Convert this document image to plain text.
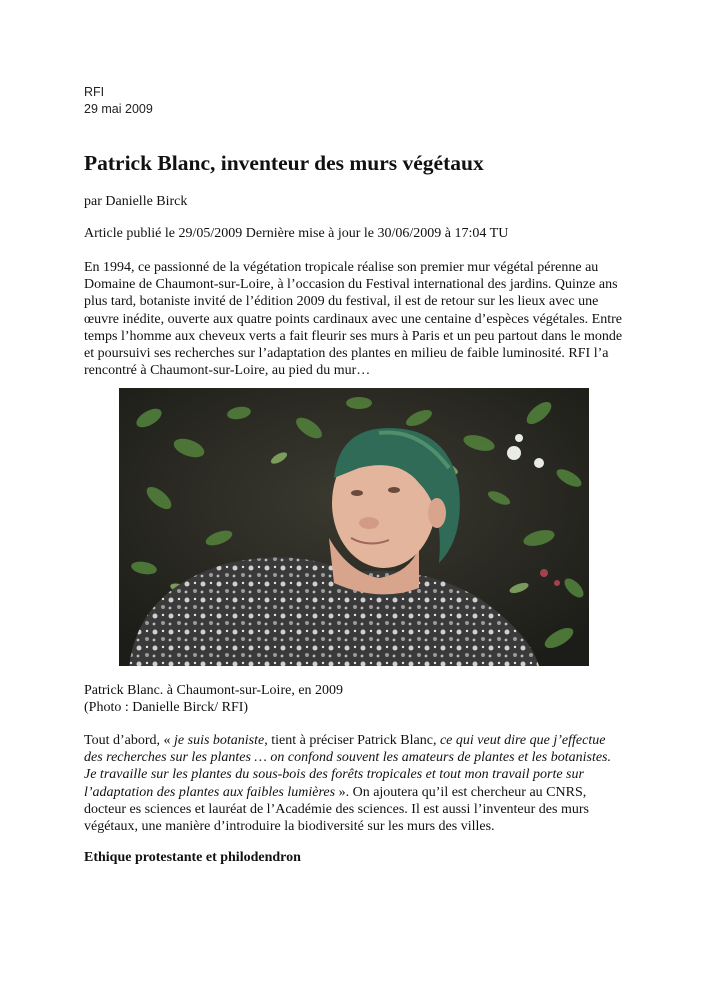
RFI
29 mai 2009
Patrick Blanc, inventeur des murs végétaux
par Danielle Birck
Article publié le 29/05/2009 Dernière mise à jour le 30/06/2009 à 17:04 TU

En 1994, ce passionné de la végétation tropicale réalise son premier mur végétal pérenne au Domaine de Chaumont-sur-Loire, à l’occasion du Festival international des jardins. Quinze ans plus tard, botaniste invité de l’édition 2009 du festival, il est de retour sur les lieux avec une œuvre inédite, ouverte aux quatre points cardinaux avec une centaine d’espèces végétales. Entre temps l’homme aux cheveux verts a fait fleurir ses murs à Paris et un peu partout dans le monde et poursuivi ses recherches sur l’adaptation des plantes en milieu de faible luminosité. RFI l’a rencontré à Chaumont-sur-Loire, au pied du mur…

Patrick Blanc. à Chaumont-sur-Loire, en 2009
(Photo : Danielle Birck/ RFI)

Tout d’abord, « je suis botaniste, tient à préciser Patrick Blanc, ce qui veut dire que j’effectue des recherches sur les plantes … on confond souvent les amateurs de plantes et les botanistes. Je travaille sur les plantes du sous-bois des forêts tropicales et tout mon travail porte sur l’adaptation des plantes aux faibles lumières ». On ajoutera qu’il est chercheur au CNRS, docteur es sciences et lauréat de l’Académie des sciences. Il est aussi l’inventeur des murs végétaux, une manière d’introduire la biodiversité sur les murs des villes.

Ethique protestante et philodendron
